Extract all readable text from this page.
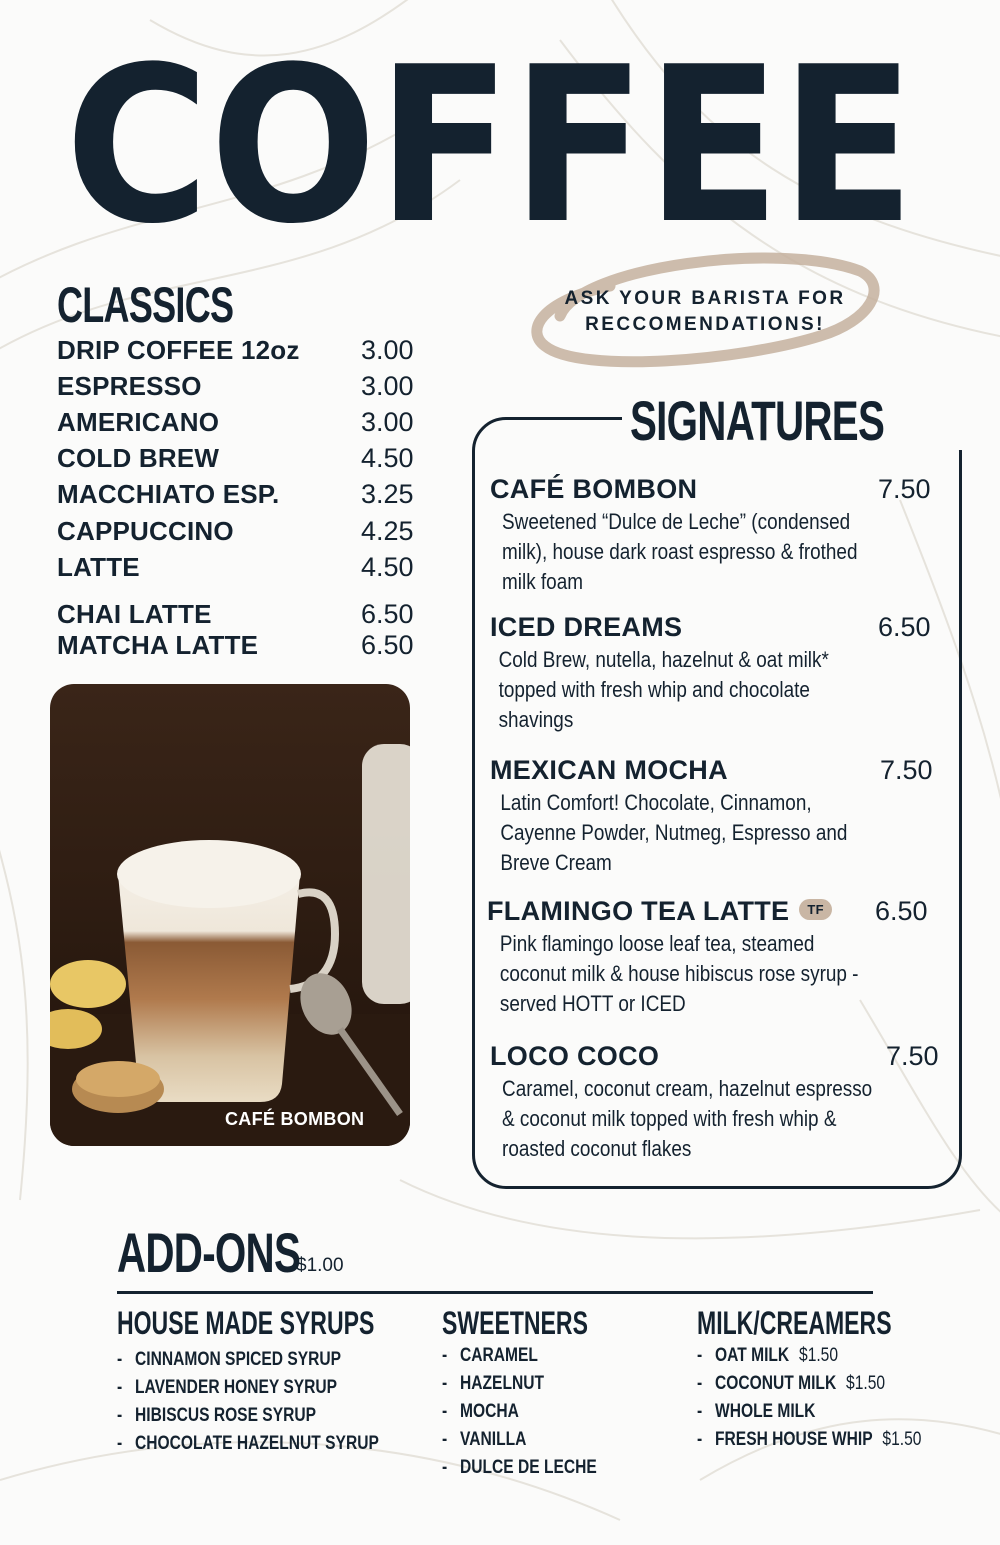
COFFEE
CLASSICS
DRIP COFFEE 12oz 3.00
ESPRESSO	3.00
AMERICANO	3.00
COLD BREW	4.50
MACCHIATO ESP.	3.25
CAPPUCCINO	4.25
LATTE	4.50
CHAI LATTE	6.50
MATCHA LATTE	6.50
CAFÉ BOMBON
ASK YOUR BARISTA FOR
RECCOMENDATIONS!
SIGNATURES
CAFÉ BOMBON	7.50
Sweetened “Dulce de Leche” (condensed milk), house dark roast espresso & frothed milk foam
ICED DREAMS	6.50
Cold Brew, nutella, hazelnut & oat milk* topped with fresh whip and chocolate shavings
MEXICAN MOCHA	7.50
Latin Comfort! Chocolate, Cinnamon, Cayenne Powder, Nutmeg, Espresso and Breve Cream
FLAMINGO TEA LATTE TF	6.50
Pink flamingo loose leaf tea, steamed coconut milk & house hibiscus rose syrup - served HOTT or ICED
LOCO COCO	7.50
Caramel, coconut cream, hazelnut espresso & coconut milk topped with fresh whip & roasted coconut flakes
ADD-ONS
$1.00
HOUSE MADE SYRUPS
- CINNAMON SPICED SYRUP
- LAVENDER HONEY SYRUP
- HIBISCUS ROSE SYRUP
- CHOCOLATE HAZELNUT SYRUP
SWEETNERS
- CARAMEL
- HAZELNUT
- MOCHA
- VANILLA
- DULCE DE LECHE
MILK/CREAMERS
- OAT MILK $1.50
- COCONUT MILK $1.50
- WHOLE MILK
- FRESH HOUSE WHIP $1.50
